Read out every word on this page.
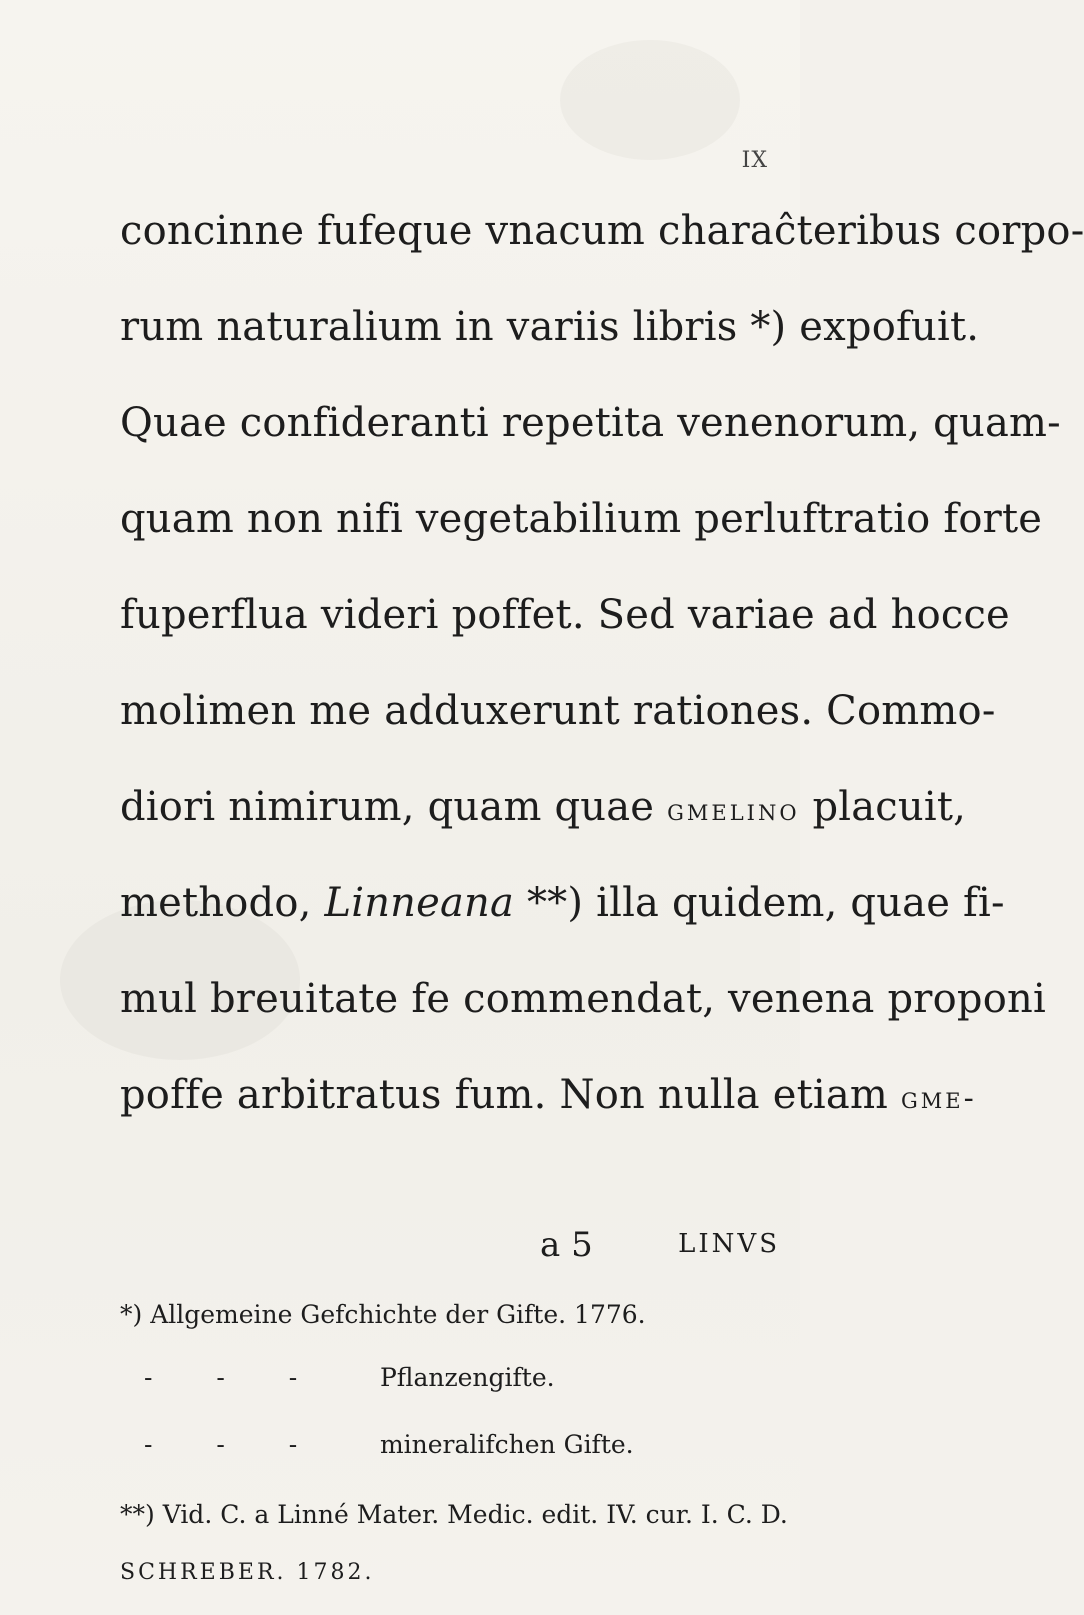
IX
concinne fufeque vnacum charaĉteribus corpo-
rum naturalium in variis libris *) expofuit.
Quae confideranti repetita venenorum, quam-
quam non nifi vegetabilium perluftratio forte
fuperflua videri poffet. Sed variae ad hocce
molimen me adduxerunt rationes. Commo-
diori nimirum, quam quae gmelino placuit,
methodo, Linneana **) illa quidem, quae fi-
mul breuitate fe commendat, venena proponi
poffe arbitratus fum. Non nulla etiam gme-
a 5	LINVS
*) Allgemeine Gefchichte der Gifte. 1776.
- - - Pflanzengifte.
- - - mineralifchen Gifte.
**) Vid. C. a Linné Mater. Medic. edit. IV. cur. I. C. D.
SCHREBER. 1782.
